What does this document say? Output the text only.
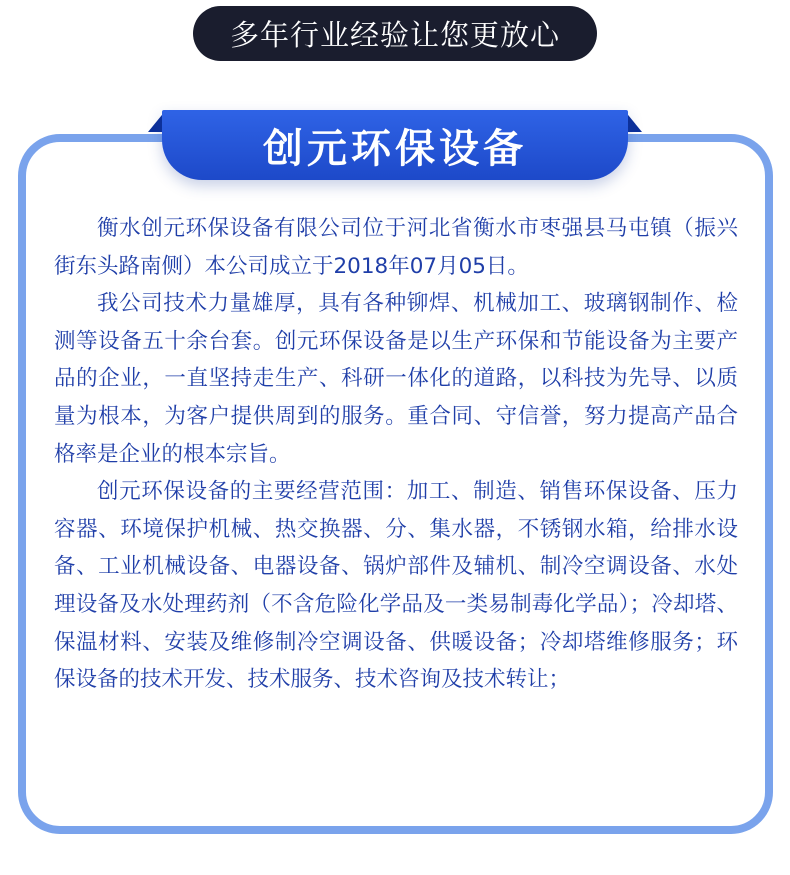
多年行业经验让您更放心
创元环保设备

衡水创元环保设备有限公司位于河北省衡水市枣强县马屯镇（振兴街东头路南侧）本公司成立于2018年07月05日。

我公司技术力量雄厚，具有各种铆焊、机械加工、玻璃钢制作、检测等设备五十余台套。创元环保设备是以生产环保和节能设备为主要产品的企业，一直坚持走生产、科研一体化的道路，以科技为先导、以质量为根本，为客户提供周到的服务。重合同、守信誉，努力提高产品合格率是企业的根本宗旨。

创元环保设备的主要经营范围：加工、制造、销售环保设备、压力容器、环境保护机械、热交换器、分、集水器，不锈钢水箱，给排水设备、工业机械设备、电器设备、锅炉部件及辅机、制冷空调设备、水处理设备及水处理药剂（不含危险化学品及一类易制毒化学品）；冷却塔、保温材料、安装及维修制冷空调设备、供暖设备；冷却塔维修服务；环保设备的技术开发、技术服务、技术咨询及技术转让；
